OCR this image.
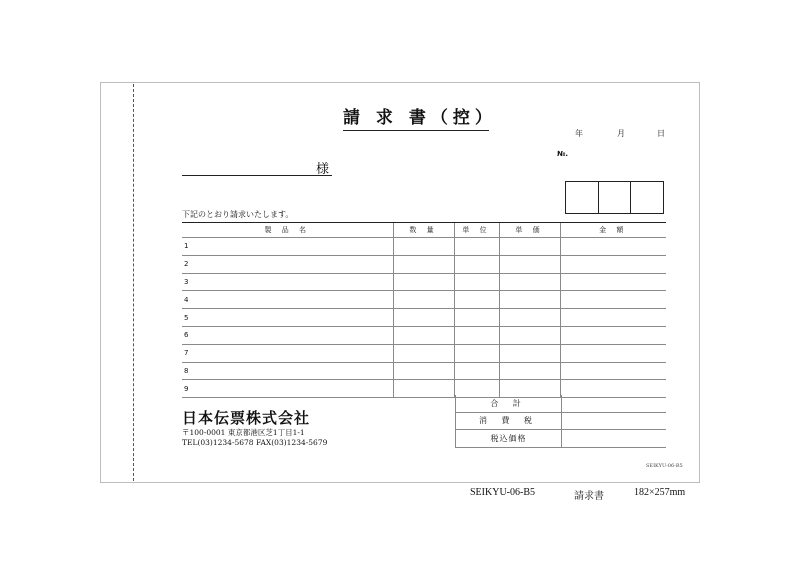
請 求 書（控）
年	月	日
№.
様
下記のとおり請求いたします。
製 品 名	数 量	単 位	単 価	金 額
1				
2				
3				
4				
5				
6				
7				
8				
9				
合 計	
消 費 税	
税込価格	
日本伝票株式会社
〒100-0001 東京都港区芝1丁目1-1
TEL(03)1234-5678 FAX(03)1234-5679
SEIKYU-06-B5
SEIKYU-06-B5	請求書	182×257mm
